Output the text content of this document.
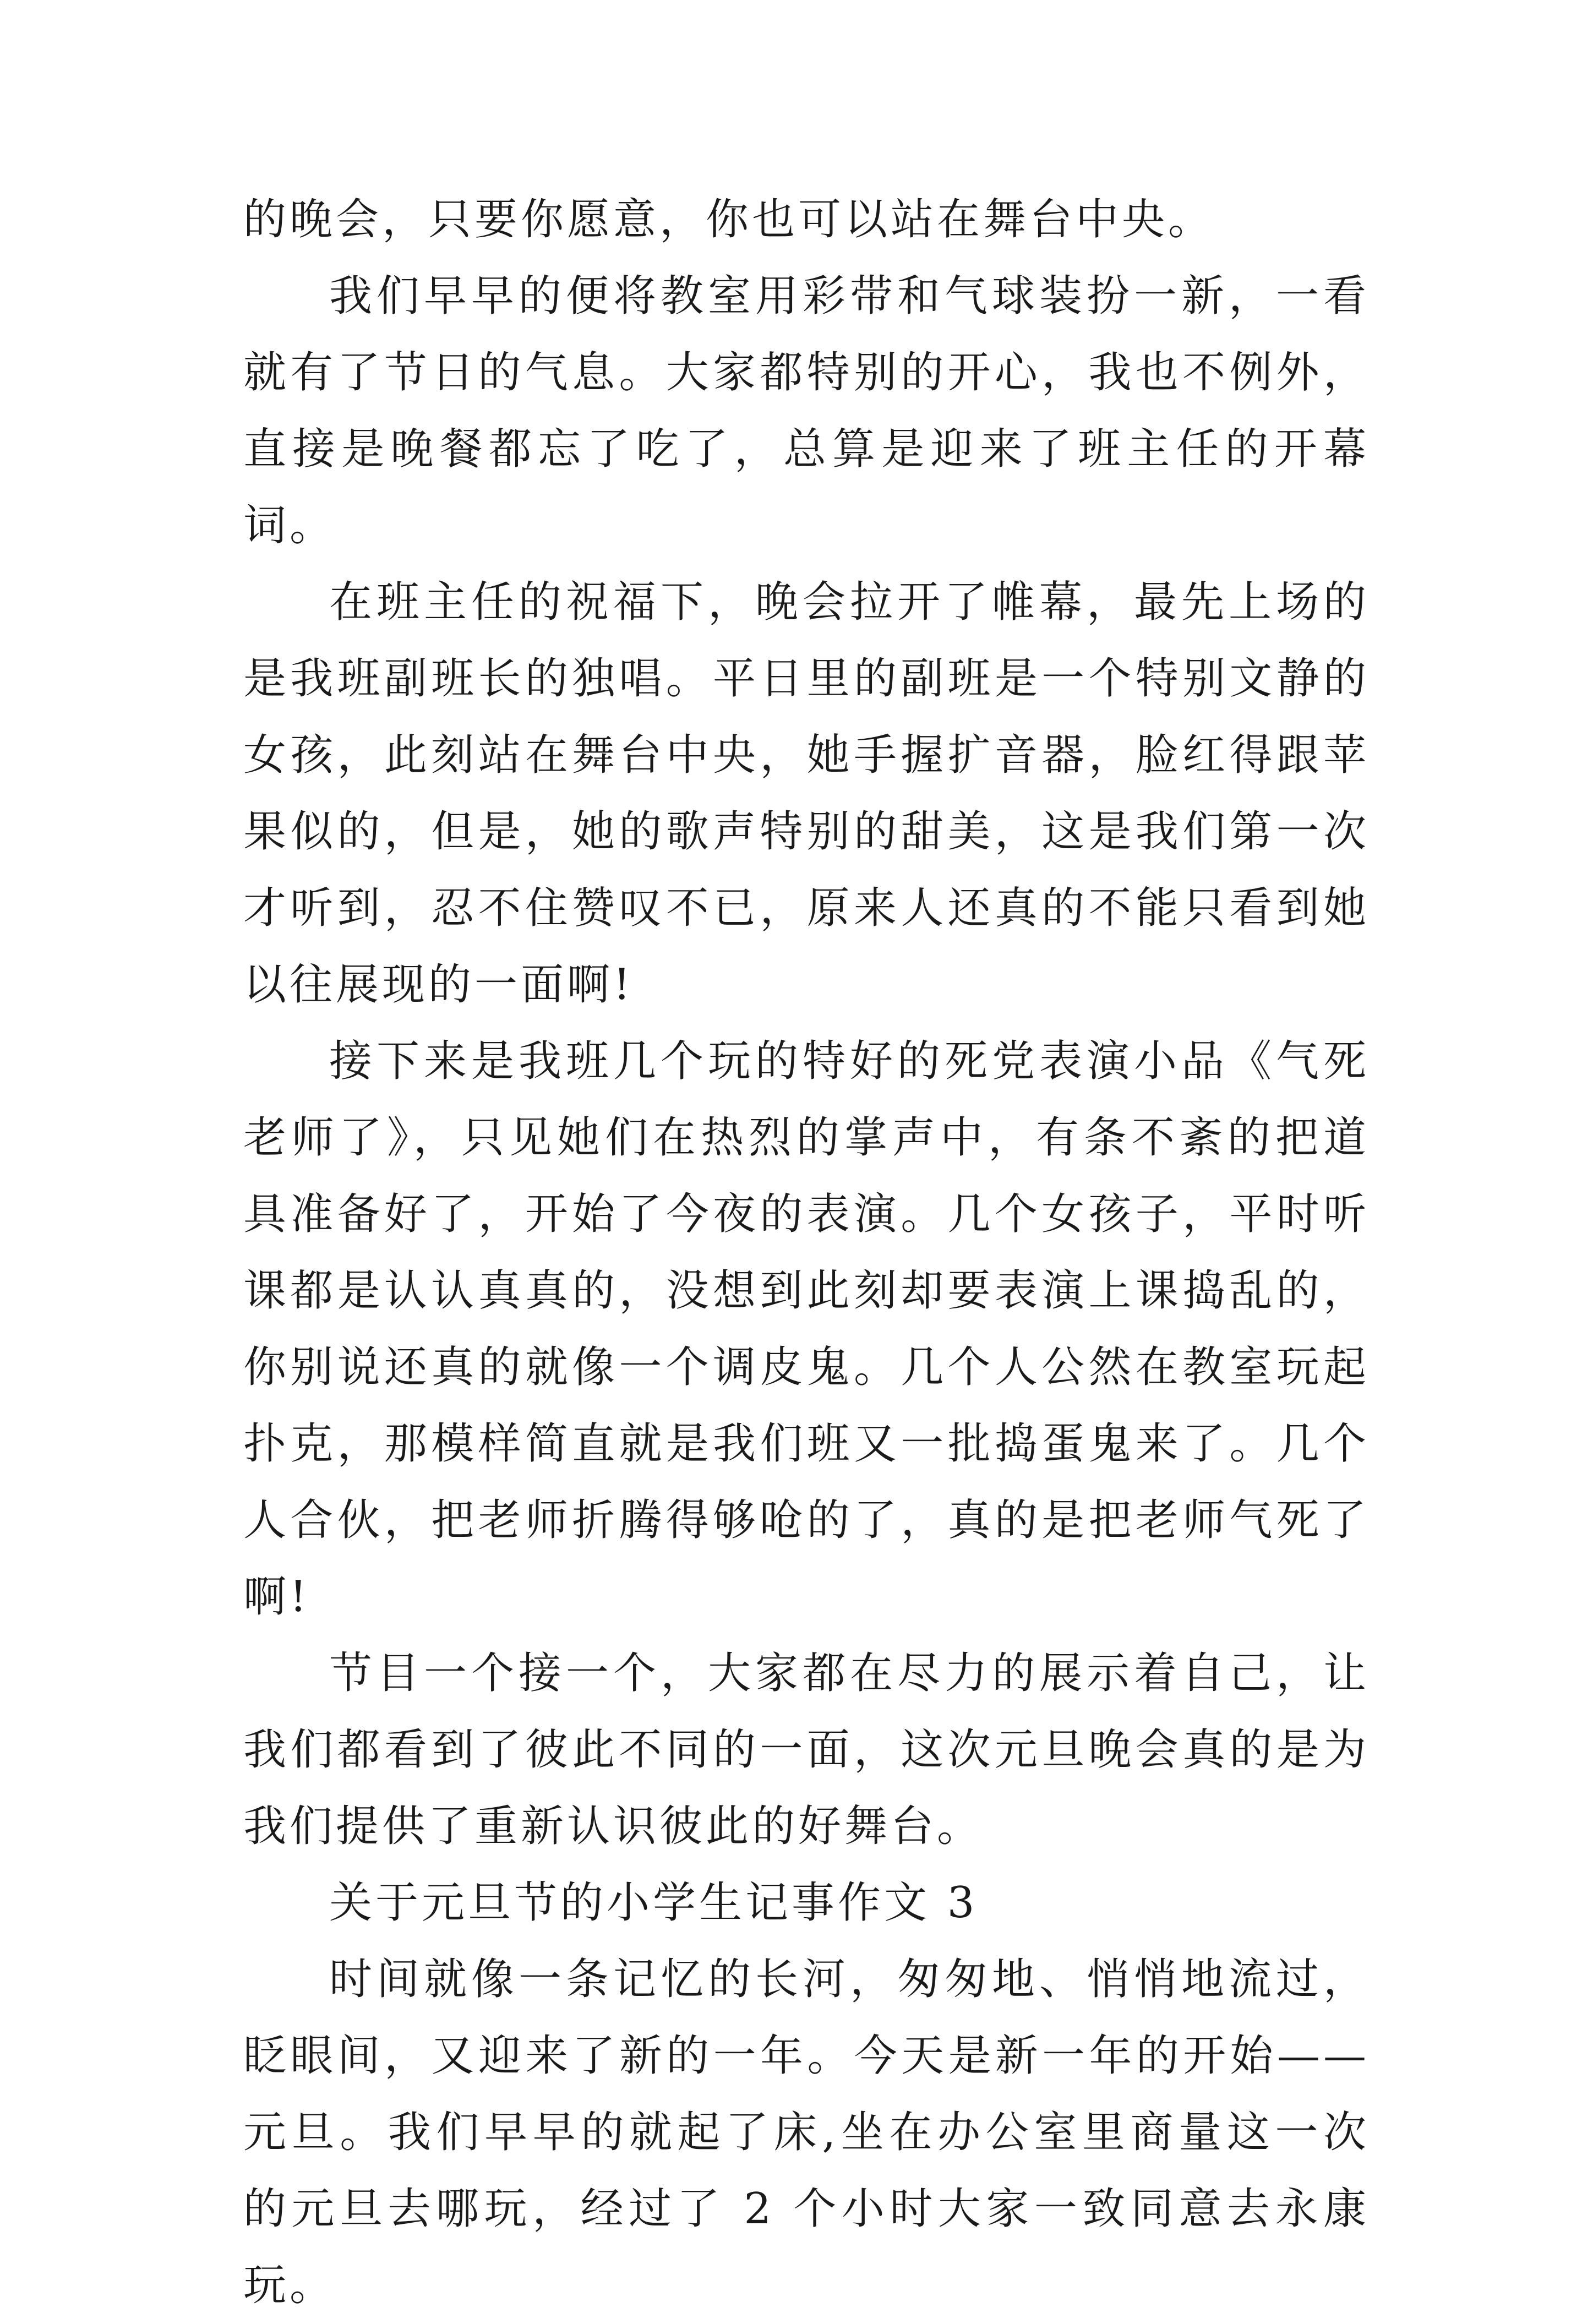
的晚会，只要你愿意，你也可以站在舞台中央。

我们早早的便将教室用彩带和气球装扮一新，一看就有了节日的气息。大家都特别的开心，我也不例外，直接是晚餐都忘了吃了，总算是迎来了班主任的开幕词。

在班主任的祝福下，晚会拉开了帷幕，最先上场的是我班副班长的独唱。平日里的副班是一个特别文静的女孩，此刻站在舞台中央，她手握扩音器，脸红得跟苹果似的，但是，她的歌声特别的甜美，这是我们第一次才听到，忍不住赞叹不已，原来人还真的不能只看到她以往展现的一面啊!

接下来是我班几个玩的特好的死党表演小品《气死老师了》，只见她们在热烈的掌声中，有条不紊的把道具准备好了，开始了今夜的表演。几个女孩子，平时听课都是认认真真的，没想到此刻却要表演上课捣乱的，你别说还真的就像一个调皮鬼。几个人公然在教室玩起扑克，那模样简直就是我们班又一批捣蛋鬼来了。几个人合伙，把老师折腾得够呛的了，真的是把老师气死了啊!

节目一个接一个，大家都在尽力的展示着自己，让我们都看到了彼此不同的一面，这次元旦晚会真的是为我们提供了重新认识彼此的好舞台。

关于元旦节的小学生记事作文 3

时间就像一条记忆的长河，匆匆地、悄悄地流过，眨眼间，又迎来了新的一年。今天是新一年的开始——元旦。我们早早的就起了床,坐在办公室里商量这一次的元旦去哪玩，经过了 2 个小时大家一致同意去永康玩。
